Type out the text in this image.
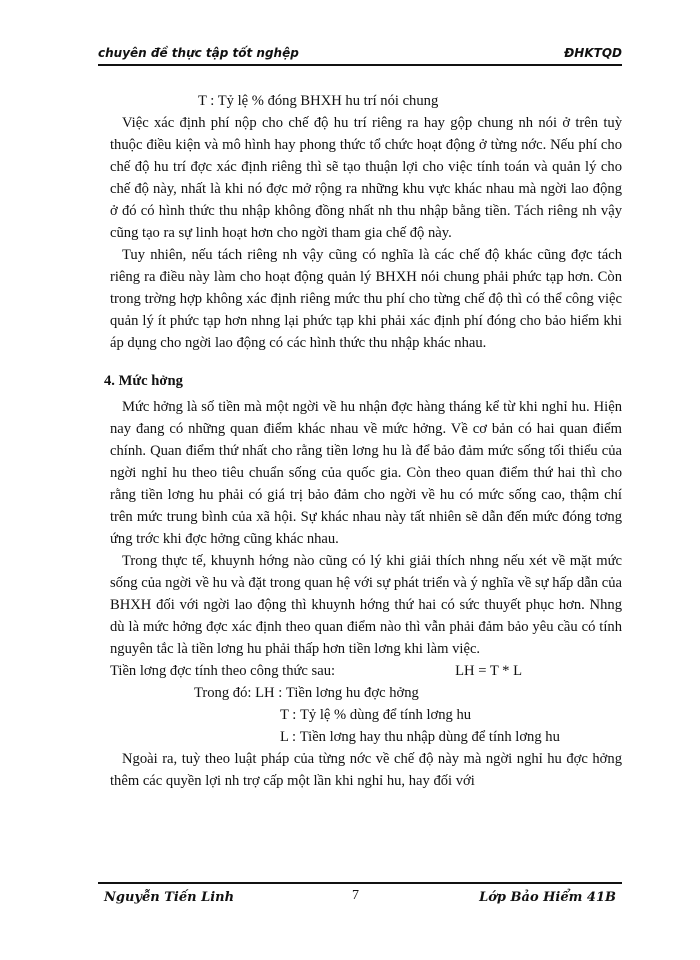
chuyên đề thực tập tốt nghệp	ĐHKTQD

T : Tỷ lệ % đóng BHXH hu trí nói chung

Việc xác định phí nộp cho chế độ hu trí riêng ra hay gộp chung nh nói ở trên tuỳ thuộc điều kiện và mô hình hay phong thức tổ chức hoạt động ở từng nớc. Nếu phí cho chế độ hu trí đợc xác định riêng thì sẽ tạo thuận lợi cho việc tính toán và quản lý cho chế độ này, nhất là khi nó đợc mở rộng ra những khu vực khác nhau mà ngời lao động ở đó có hình thức thu nhập không đồng nhất nh thu nhập bằng tiền. Tách riêng nh vậy cũng tạo ra sự linh hoạt hơn cho ngời tham gia chế độ này.

Tuy nhiên, nếu tách riêng nh vậy cũng có nghĩa là các chế độ khác cũng đợc tách riêng ra điều này làm cho hoạt động quản lý BHXH nói chung phải phức tạp hơn. Còn trong trờng hợp không xác định riêng mức thu phí cho từng chế độ thì có thể công việc quản lý ít phức tạp hơn nhng lại phức tạp khi phải xác định phí đóng cho bảo hiểm khi áp dụng cho ngời lao động có các hình thức thu nhập khác nhau.

4. Mức hởng

Mức hởng là số tiền mà một ngời về hu nhận đợc hàng tháng kể từ khi nghỉ hu. Hiện nay đang có những quan điểm khác nhau về mức hởng. Về cơ bản có hai quan điểm chính. Quan điểm thứ nhất cho rằng tiền lơng hu là để bảo đảm mức sống tối thiểu của ngời nghỉ hu theo tiêu chuẩn sống của quốc gia. Còn theo quan điểm thứ hai thì cho rằng tiền lơng hu phải có giá trị bảo đảm cho ngời về hu có mức sống cao, thậm chí trên mức trung bình của xã hội. Sự khác nhau này tất nhiên sẽ dẫn đến mức đóng tơng ứng trớc khi đợc hởng cũng khác nhau.

Trong thực tế, khuynh hớng nào cũng có lý khi giải thích nhng nếu xét về mặt mức sống của ngời về hu và đặt trong quan hệ với sự phát triển và ý nghĩa về sự hấp dẫn của BHXH đối với ngời lao động thì khuynh hớng thứ hai có sức thuyết phục hơn. Nhng dù là mức hởng đợc xác định theo quan điểm nào thì vẫn phải đảm bảo yêu cầu có tính nguyên tắc là tiền lơng hu phải thấp hơn tiền lơng khi làm việc.

Tiền lơng đợc tính theo công thức sau:	LH = T * L

Trong đó: LH :
Tiền lơng hu đợc hởng
T :
Tỷ lệ % dùng để tính lơng hu
L :
Tiền lơng hay thu nhập dùng để tính lơng hu

Ngoài ra, tuỳ theo luật pháp của từng nớc về chế độ này mà ngời nghỉ hu đợc hởng thêm các quyền lợi nh trợ cấp một lần khi nghỉ hu, hay đối với

Nguyễn Tiến Linh	7	Lớp Bảo Hiểm 41B
